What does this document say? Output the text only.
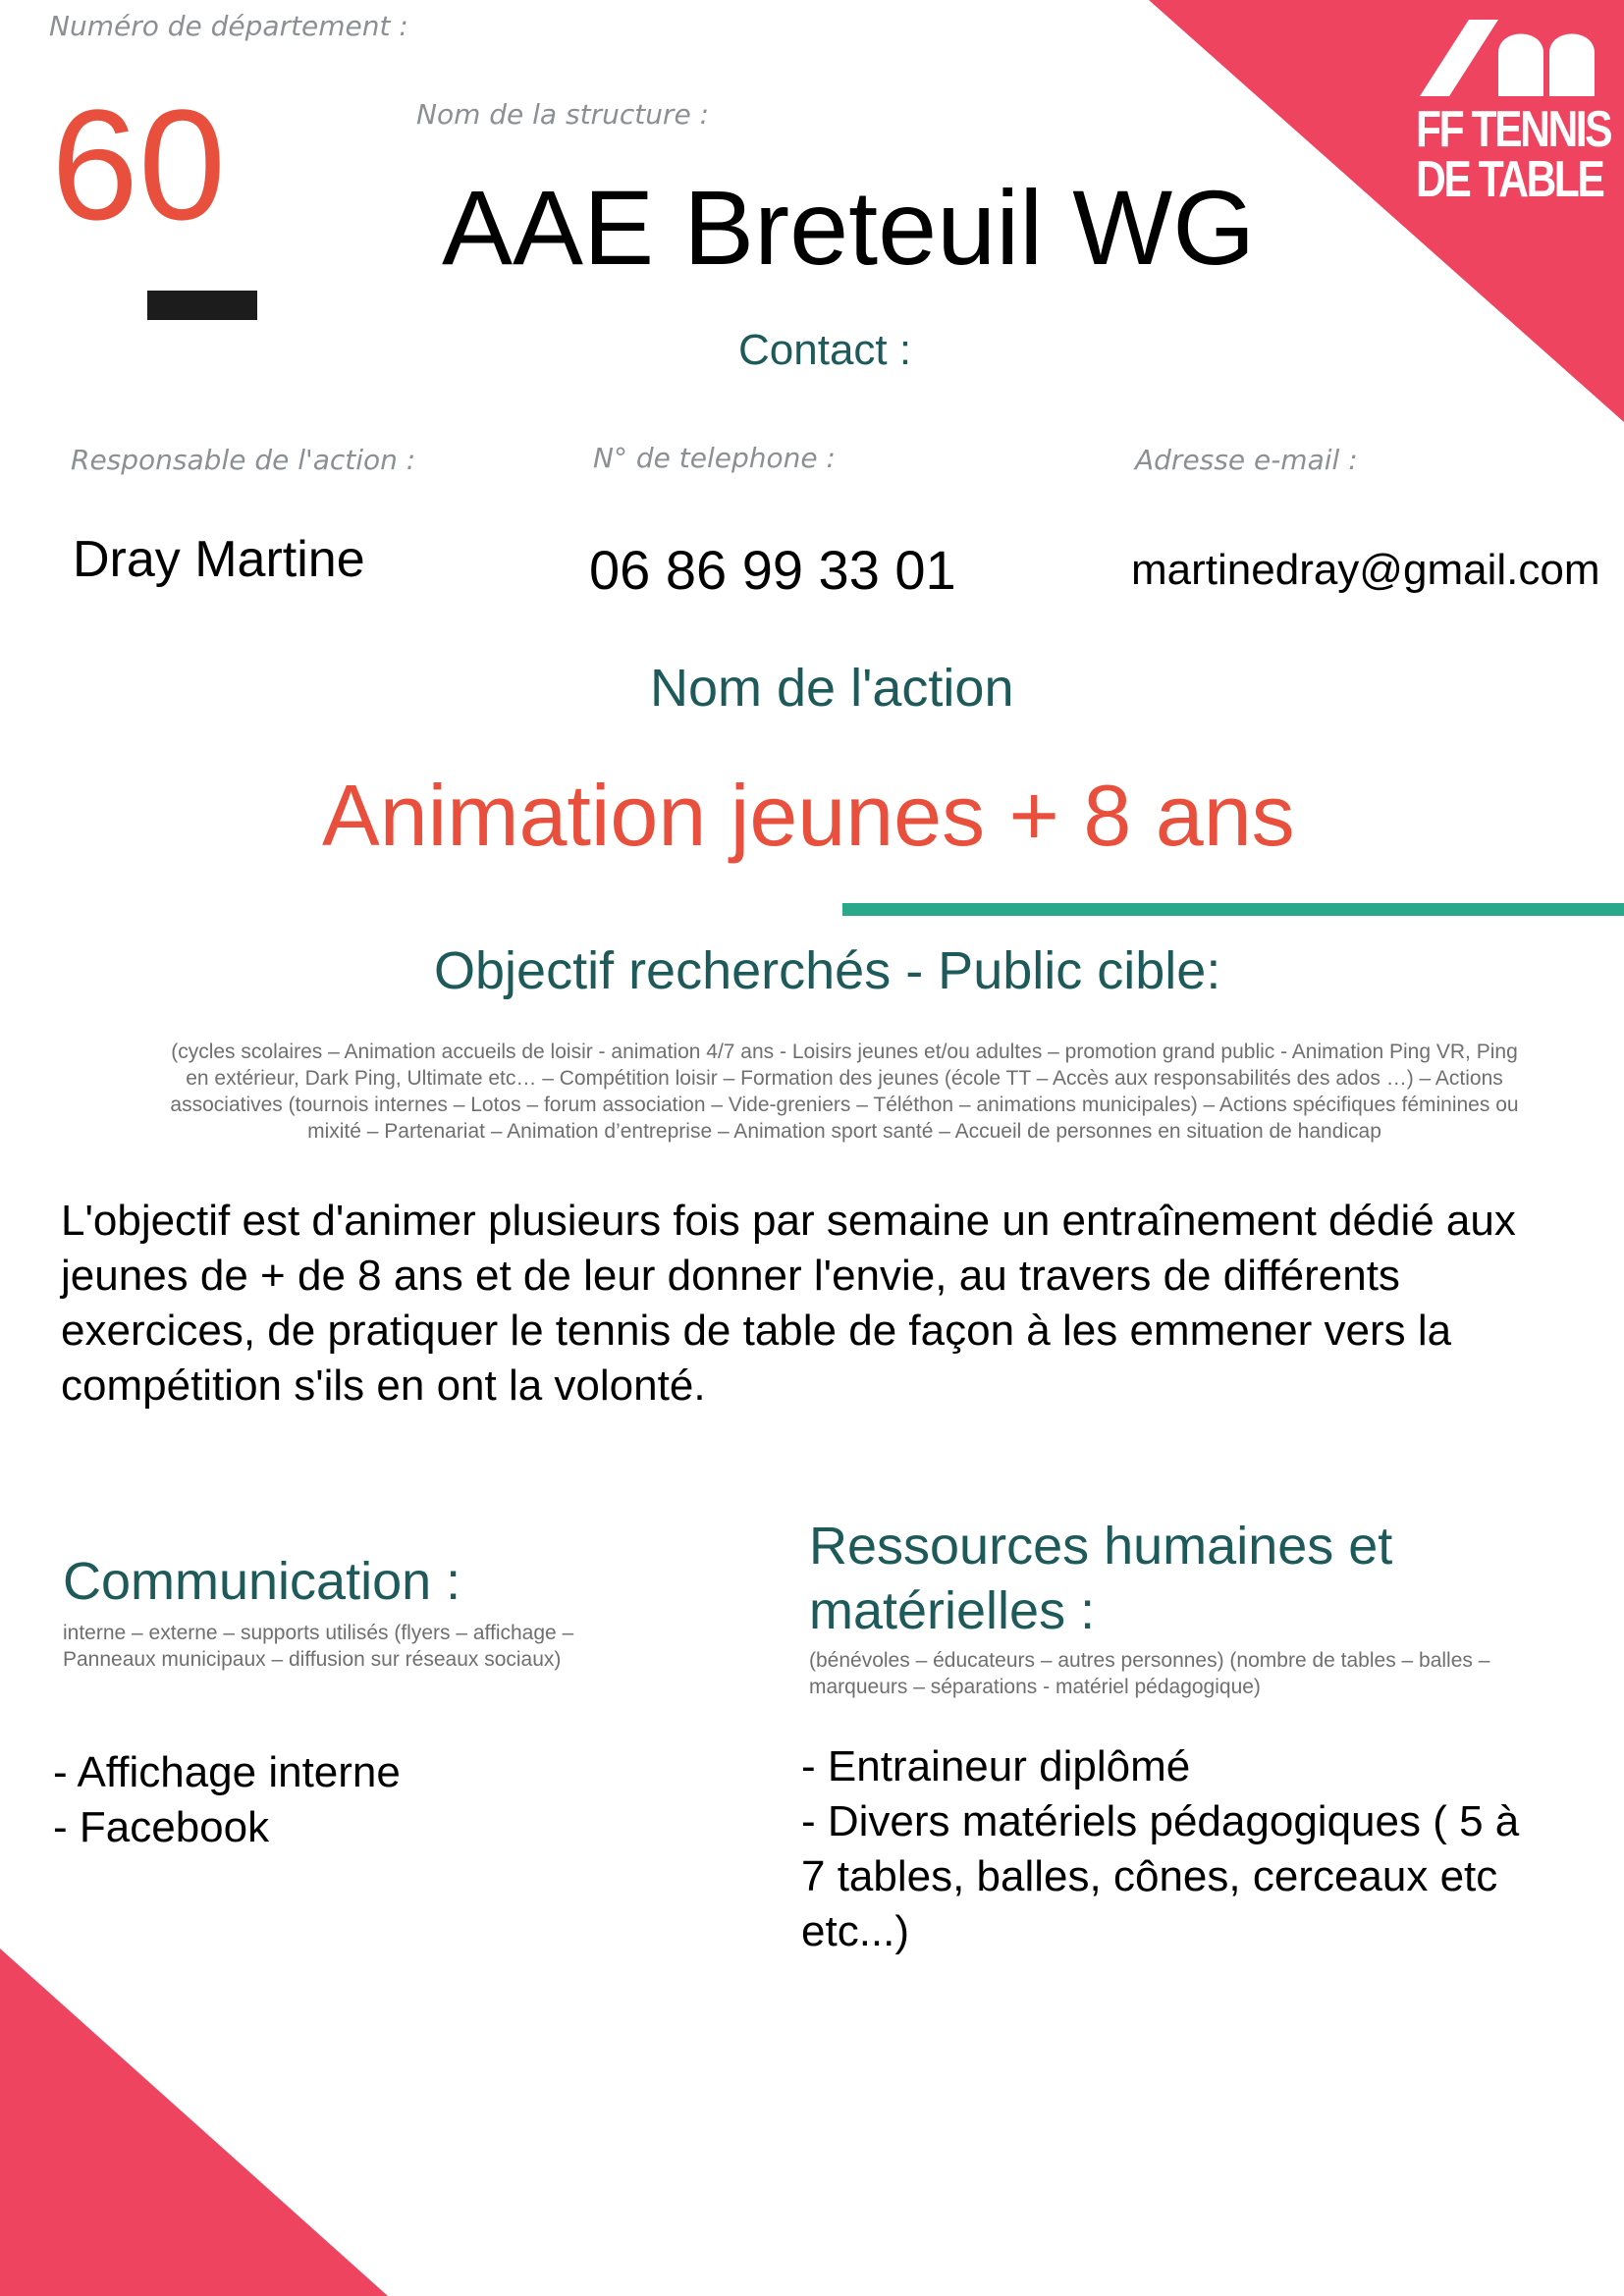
FF TENNIS
DE TABLE
Numéro de département :
60	Nom de la structure :
AAE Breteuil WG
Contact :
Responsable de l'action :	N° de telephone :	Adresse e-mail :
Dray Martine	06 86 99 33 01	martinedray@gmail.com
Nom de l'action
Animation jeunes + 8 ans
Objectif recherchés - Public cible:
(cycles scolaires – Animation accueils de loisir - animation 4/7 ans - Loisirs jeunes et/ou adultes – promotion grand public - Animation Ping VR, Ping en extérieur, Dark Ping, Ultimate etc… – Compétition loisir – Formation des jeunes (école TT – Accès aux responsabilités des ados …) – Actions associatives (tournois internes – Lotos – forum association – Vide-greniers – Téléthon – animations municipales) – Actions spécifiques féminines ou mixité – Partenariat – Animation d’entreprise – Animation sport santé – Accueil de personnes en situation de handicap
L'objectif est d'animer plusieurs fois par semaine un entraînement dédié aux jeunes de + de 8 ans et de leur donner l'envie, au travers de différents exercices, de pratiquer le tennis de table de façon à les emmener vers la compétition s'ils en ont la volonté.
Communication :
interne – externe – supports utilisés (flyers – affichage – Panneaux municipaux – diffusion sur réseaux sociaux)
- Affichage interne
- Facebook
Ressources humaines et matérielles :
(bénévoles – éducateurs – autres personnes) (nombre de tables – balles – marqueurs – séparations - matériel pédagogique)
- Entraineur diplômé
- Divers matériels pédagogiques ( 5 à 7 tables, balles, cônes, cerceaux etc etc...)
